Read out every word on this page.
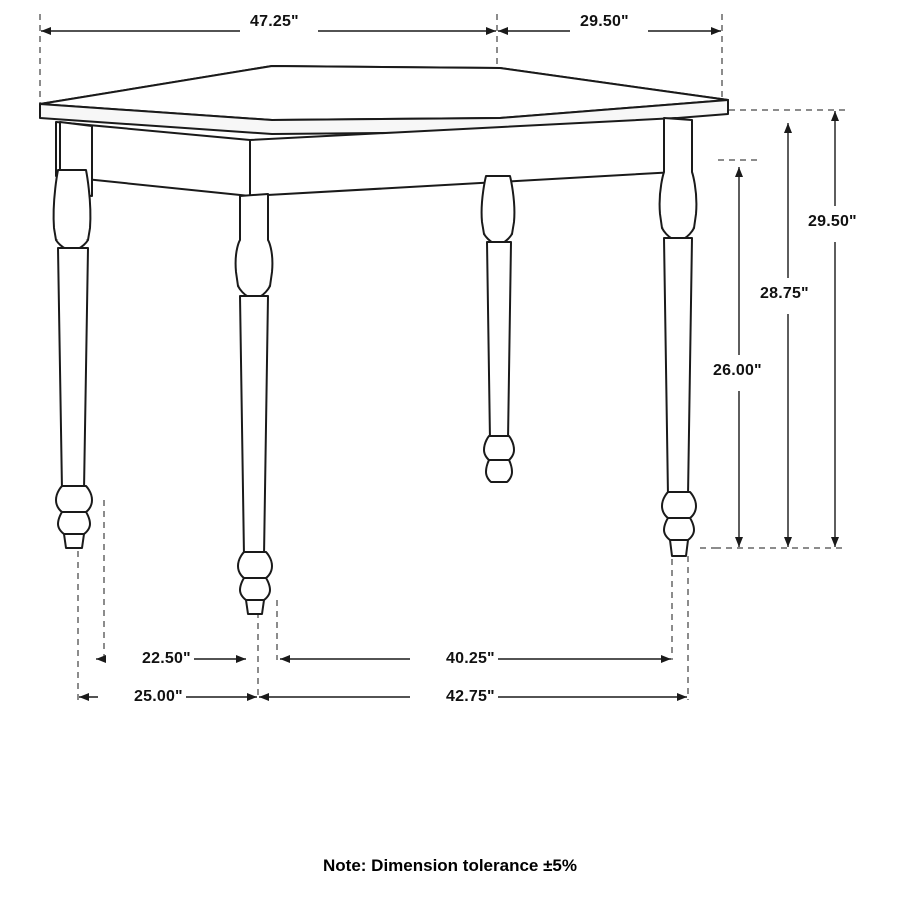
47.25"	29.50"
29.50"
28.75"
26.00"
22.50"	40.25"
25.00"	42.75"
Note: Dimension tolerance ±5%
